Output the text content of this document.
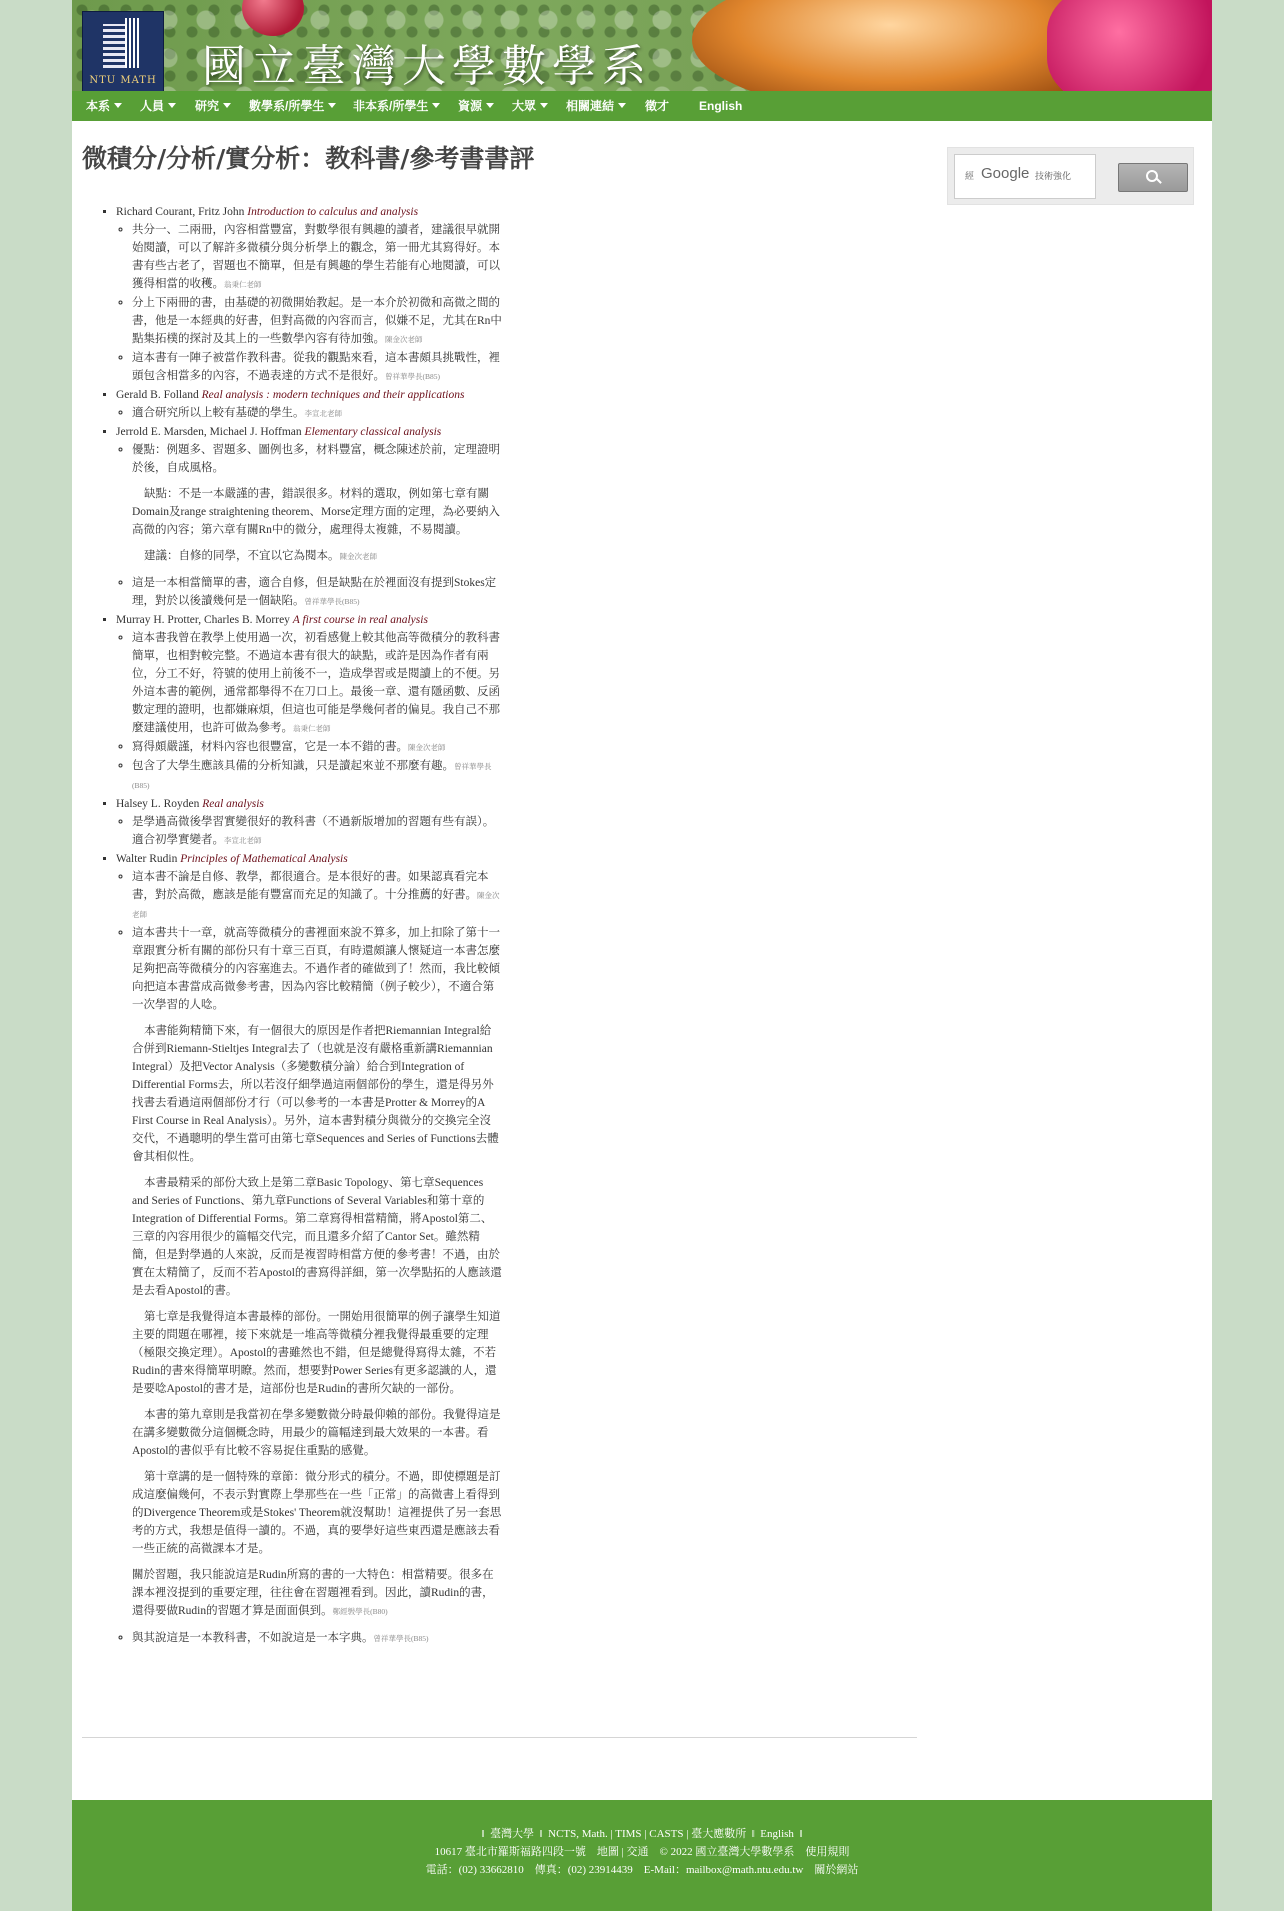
NTU MATH 國立臺灣大學數學系
本系	人員	研究	數學系/所學生	非本系/所學生	資源	大眾	相關連結	徵才 English
微積分/分析/實分析：教科書/參考書書評
▪ Richard Courant, Fritz John Introduction to calculus and analysis
◦ 共分一、二兩冊，內容相當豐富，對數學很有興趣的讀者，建議很早就開始閱讀，可以了解許多微積分與分析學上的觀念，第一冊尤其寫得好。本書有些古老了，習題也不簡單，但是有興趣的學生若能有心地閱讀，可以獲得相當的收穫。翁秉仁老師
◦ 分上下兩冊的書，由基礎的初微開始教起。是一本介於初微和高微之間的書，他是一本經典的好書，但對高微的內容而言，似嫌不足，尤其在Rn中點集拓樸的探討及其上的一些數學內容有待加強。陳金次老師
◦ 這本書有一陣子被當作教科書。從我的觀點來看，這本書頗具挑戰性，裡頭包含相當多的內容，不過表達的方式不是很好。曾祥華學長(B85)
▪ Gerald B. Folland Real analysis : modern techniques and their applications
◦ 適合研究所以上較有基礎的學生。李宣北老師
▪ Jerrold E. Marsden, Michael J. Hoffman Elementary classical analysis
◦ 優點：例題多、習題多、圖例也多，材料豐富，概念陳述於前，定理證明於後，自成風格。

缺點：不是一本嚴謹的書，錯誤很多。材料的選取，例如第七章有關Domain及range straightening theorem、Morse定理方面的定理，為必要納入高微的內容；第六章有關Rn中的微分，處理得太複雜，不易閱讀。

建議：自修的同學，不宜以它為閱本。陳金次老師

◦ 這是一本相當簡單的書，適合自修，但是缺點在於裡面沒有提到Stokes定理，對於以後讀幾何是一個缺陷。曾祥華學長(B85)
▪ Murray H. Protter, Charles B. Morrey A first course in real analysis
◦ 這本書我曾在教學上使用過一次，初看感覺上較其他高等微積分的教科書簡單，也相對較完整。不過這本書有很大的缺點，或許是因為作者有兩位，分工不好，符號的使用上前後不一，造成學習或是閱讀上的不便。另外這本書的範例，通常都舉得不在刀口上。最後一章、還有隱函數、反函數定理的證明，也都嫌麻煩，但這也可能是學幾何者的偏見。我自己不那麼建議使用，也許可做為參考。翁秉仁老師
◦ 寫得頗嚴謹，材料內容也很豐富，它是一本不錯的書。陳金次老師
◦ 包含了大學生應該具備的分析知識，只是讀起來並不那麼有趣。曾祥華學長(B85)
▪ Halsey L. Royden Real analysis
◦ 是學過高微後學習實變很好的教科書（不過新版增加的習題有些有誤）。適合初學實變者。李宣北老師
▪ Walter Rudin Principles of Mathematical Analysis
◦ 這本書不論是自修、教學，都很適合。是本很好的書。如果認真看完本書，對於高微，應該是能有豐富而充足的知識了。十分推薦的好書。陳金次老師
◦ 這本書共十一章，就高等微積分的書裡面來說不算多，加上扣除了第十一章跟實分析有關的部份只有十章三百頁，有時還頗讓人懷疑這一本書怎麼足夠把高等微積分的內容塞進去。不過作者的確做到了！然而，我比較傾向把這本書當成高微參考書，因為內容比較精簡（例子較少），不適合第一次學習的人唸。

本書能夠精簡下來，有一個很大的原因是作者把Riemannian Integral給合併到Riemann-Stieltjes Integral去了（也就是沒有嚴格重新講Riemannian Integral）及把Vector Analysis（多變數積分論）給合到Integration of Differential Forms去，所以若沒仔細學過這兩個部份的學生，還是得另外找書去看過這兩個部份才行（可以參考的一本書是Protter & Morrey的A First Course in Real Analysis）。另外，這本書對積分與微分的交換完全沒交代，不過聰明的學生當可由第七章Sequences and Series of Functions去體會其相似性。

本書最精采的部份大致上是第二章Basic Topology、第七章Sequences and Series of Functions、第九章Functions of Several Variables和第十章的Integration of Differential Forms。第二章寫得相當精簡，將Apostol第二、三章的內容用很少的篇幅交代完，而且還多介紹了Cantor Set。雖然精簡，但是對學過的人來說，反而是複習時相當方便的參考書！不過，由於實在太精簡了，反而不若Apostol的書寫得詳細，第一次學點拓的人應該還是去看Apostol的書。

第七章是我覺得這本書最棒的部份。一開始用很簡單的例子讓學生知道主要的問題在哪裡，接下來就是一堆高等微積分裡我覺得最重要的定理（極限交換定理）。Apostol的書雖然也不錯，但是總覺得寫得太雜，不若Rudin的書來得簡單明瞭。然而，想要對Power Series有更多認識的人，還是要唸Apostol的書才是，這部份也是Rudin的書所欠缺的一部份。

本書的第九章則是我當初在學多變數微分時最仰賴的部份。我覺得這是在講多變數微分這個概念時，用最少的篇幅達到最大效果的一本書。看Apostol的書似乎有比較不容易捉住重點的感覺。

第十章講的是一個特殊的章節：微分形式的積分。不過，即使標題是訂成這麼偏幾何，不表示對實際上學那些在一些「正常」的高微書上看得到的Divergence Theorem或是Stokes' Theorem就沒幫助！這裡提供了另一套思考的方式，我想是值得一讀的。不過，真的要學好這些東西還是應該去看一些正統的高微課本才是。

關於習題，我只能說這是Rudin所寫的書的一大特色：相當精要。很多在課本裡沒提到的重要定理，往往會在習題裡看到。因此，讀Rudin的書，還得要做Rudin的習題才算是面面俱到。鄭經斅學長(B80)

◦ 與其說這是一本教科書，不如說這是一本字典。曾祥華學長(B85)
經 Google 技術強化
‖ 臺灣大學 ‖ NCTS, Math. | TIMS | CASTS | 臺大應數所 ‖ English ‖
10617 臺北市羅斯福路四段一號 地圖 | 交通 © 2022 國立臺灣大學數學系 使用規則
電話：(02) 33662810 傳真：(02) 23914439 E-Mail：mailbox@math.ntu.edu.tw 關於網站
